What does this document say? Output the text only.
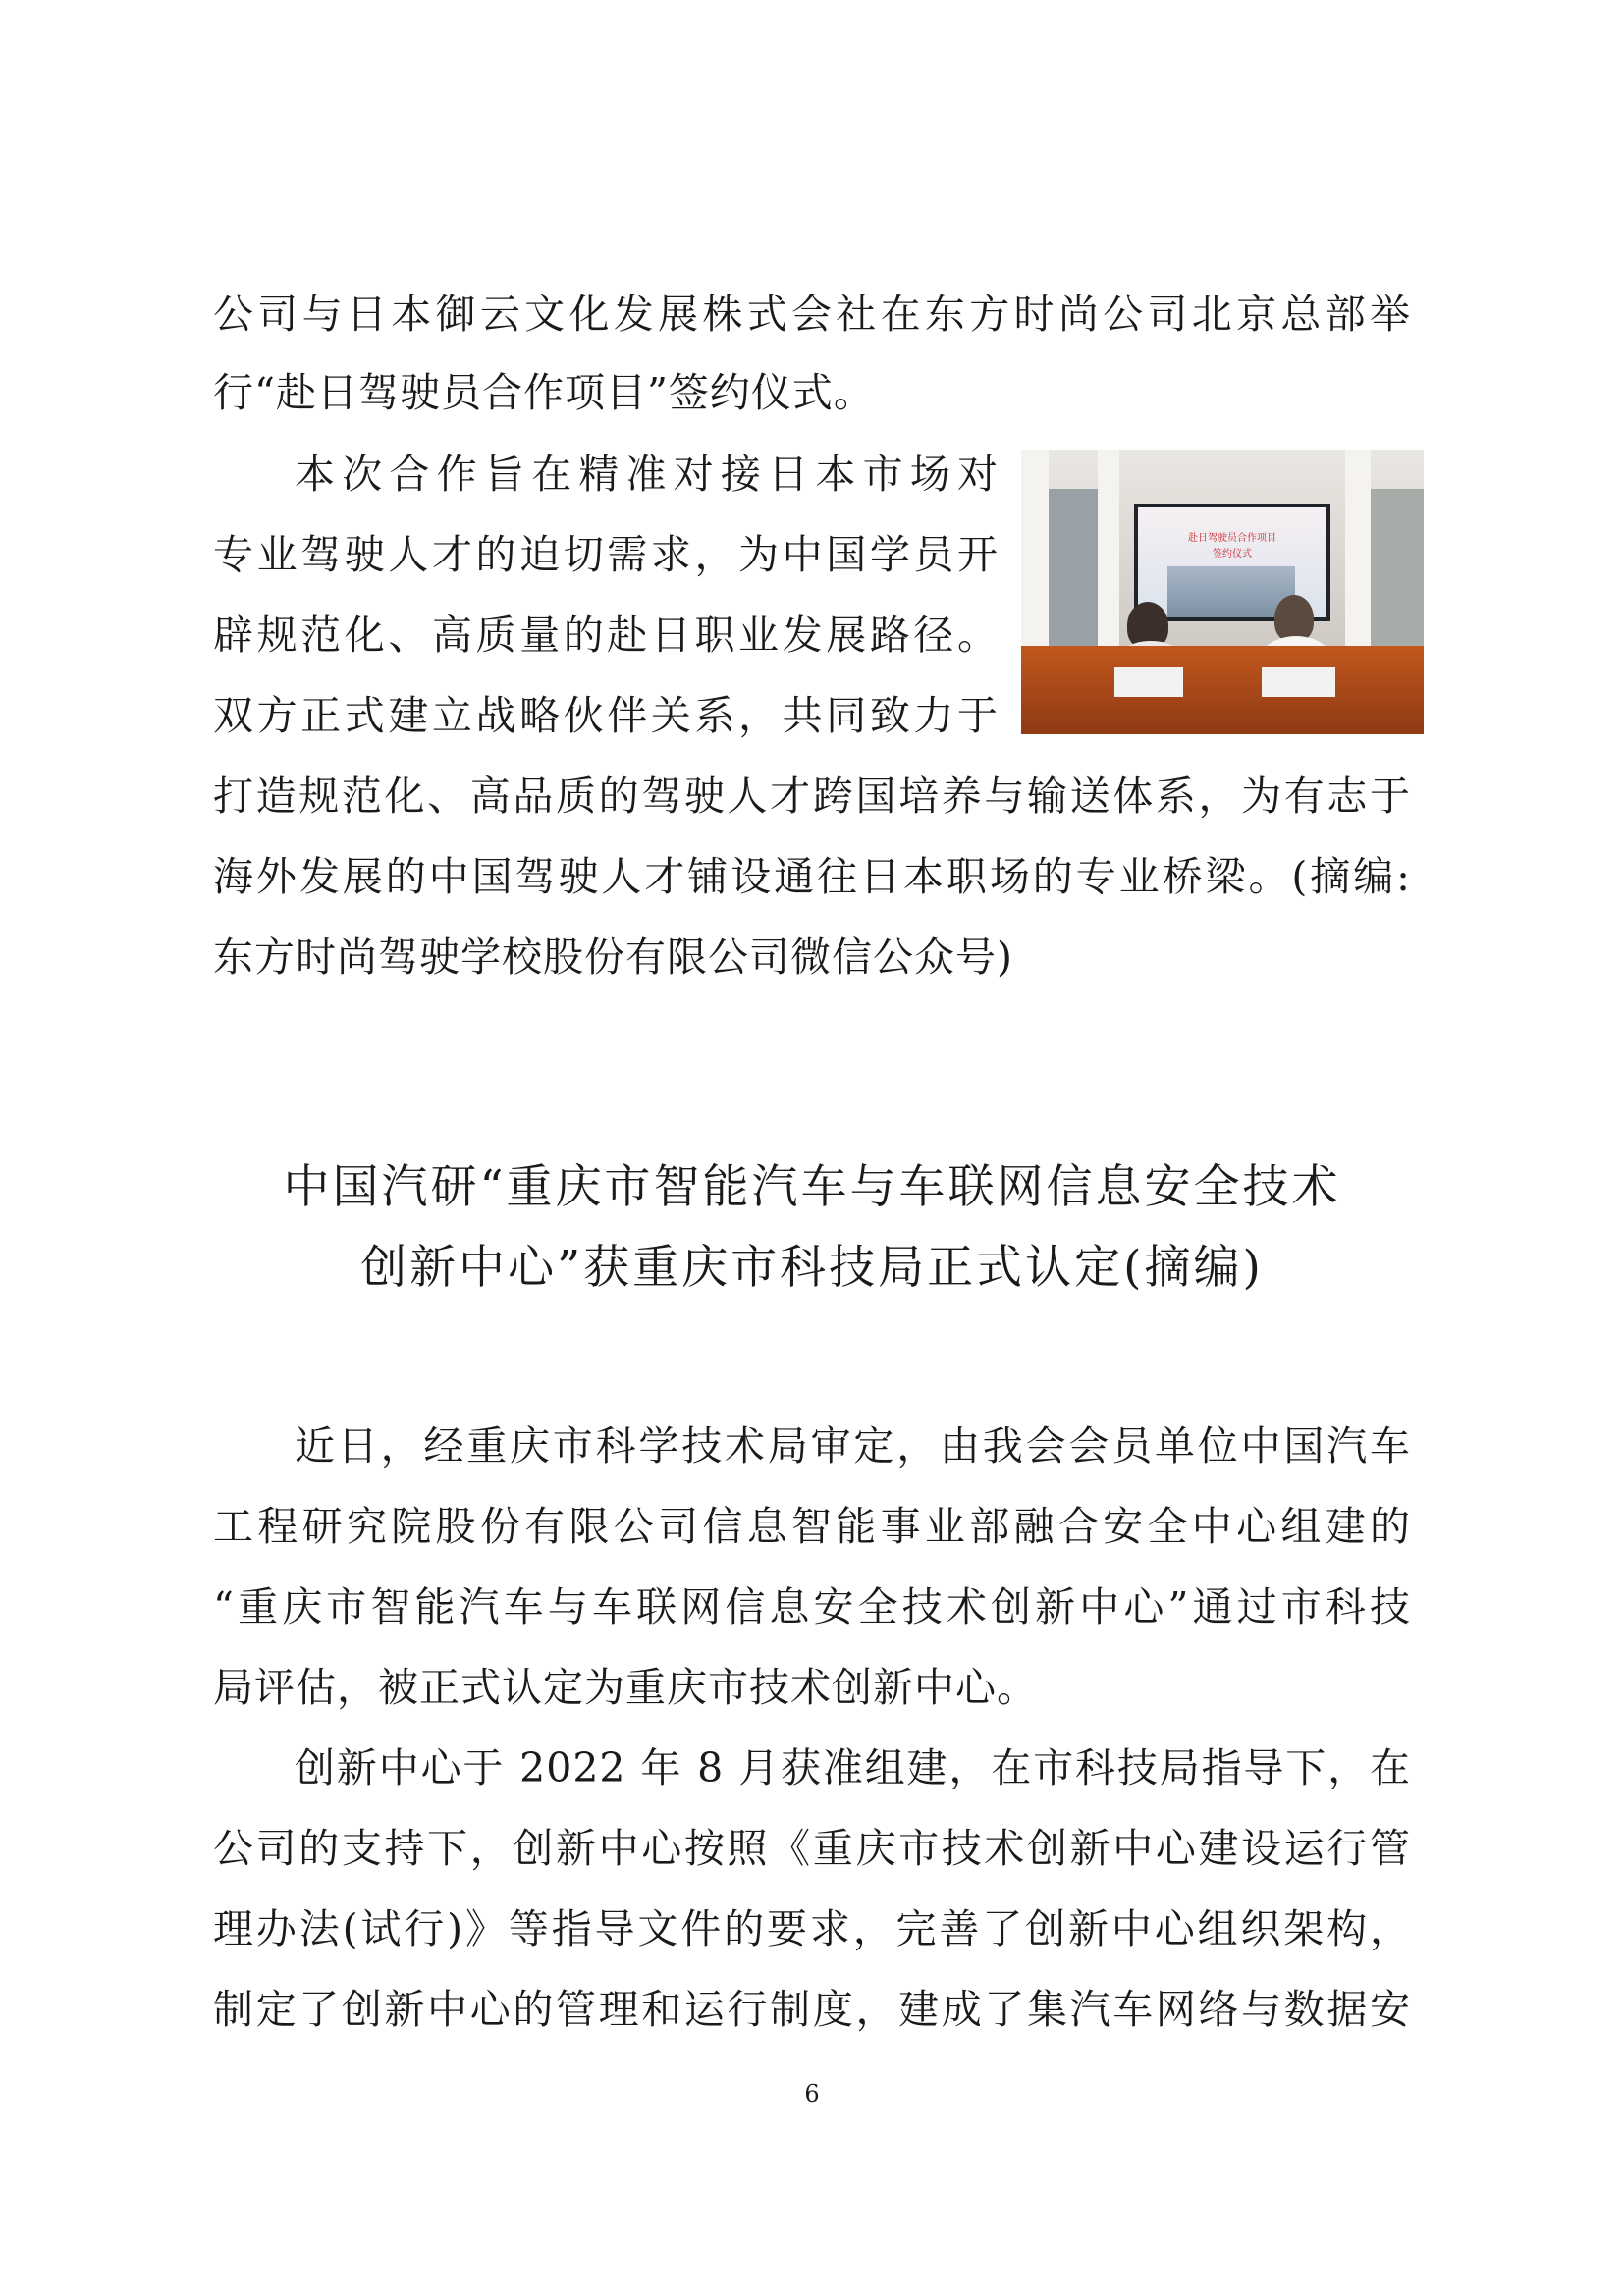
公司与日本御云文化发展株式会社在东方时尚公司北京总部举
行“赴日驾驶员合作项目”签约仪式。
本次合作旨在精准对接日本市场对
专业驾驶人才的迫切需求，为中国学员开
辟规范化、高质量的赴日职业发展路径。
双方正式建立战略伙伴关系，共同致力于
打造规范化、高品质的驾驶人才跨国培养与输送体系，为有志于
海外发展的中国驾驶人才铺设通往日本职场的专业桥梁。(摘编:
东方时尚驾驶学校股份有限公司微信公众号)
赴日驾驶员合作项目
签约仪式
中国汽研“重庆市智能汽车与车联网信息安全技术
创新中心”获重庆市科技局正式认定(摘编)
近日，经重庆市科学技术局审定，由我会会员单位中国汽车
工程研究院股份有限公司信息智能事业部融合安全中心组建的
“重庆市智能汽车与车联网信息安全技术创新中心”通过市科技
局评估，被正式认定为重庆市技术创新中心。
创新中心于 2022 年 8 月获准组建，在市科技局指导下，在
公司的支持下，创新中心按照《重庆市技术创新中心建设运行管
理办法(试行)》等指导文件的要求，完善了创新中心组织架构，
制定了创新中心的管理和运行制度，建成了集汽车网络与数据安
6
